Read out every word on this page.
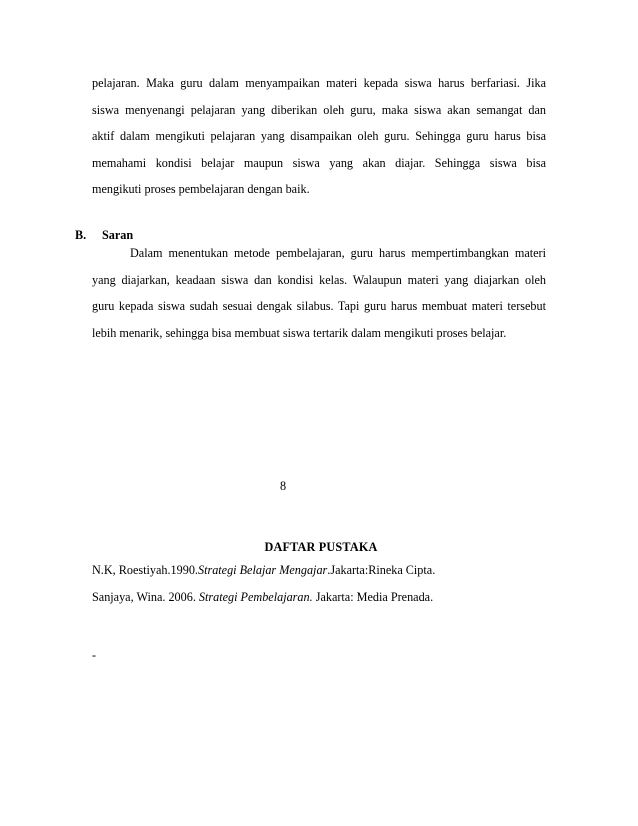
pelajaran. Maka guru dalam menyampaikan materi kepada siswa harus berfariasi. Jika
siswa menyenangi pelajaran yang diberikan oleh guru, maka siswa akan semangat dan
aktif dalam mengikuti pelajaran yang disampaikan oleh guru. Sehingga guru harus bisa
memahami kondisi belajar maupun siswa yang akan diajar. Sehingga siswa bisa
mengikuti proses pembelajaran dengan baik.
B. Saran
Dalam menentukan metode pembelajaran, guru harus mempertimbangkan materi
yang diajarkan, keadaan siswa dan kondisi kelas. Walaupun materi yang diajarkan oleh
guru kepada siswa sudah sesuai dengak silabus. Tapi guru harus membuat materi tersebut
lebih menarik, sehingga bisa membuat siswa tertarik dalam mengikuti proses belajar.
8
DAFTAR PUSTAKA
N.K, Roestiyah.1990.Strategi Belajar Mengajar.Jakarta:Rineka Cipta.
Sanjaya, Wina. 2006. Strategi Pembelajaran. Jakarta: Media Prenada.
-
